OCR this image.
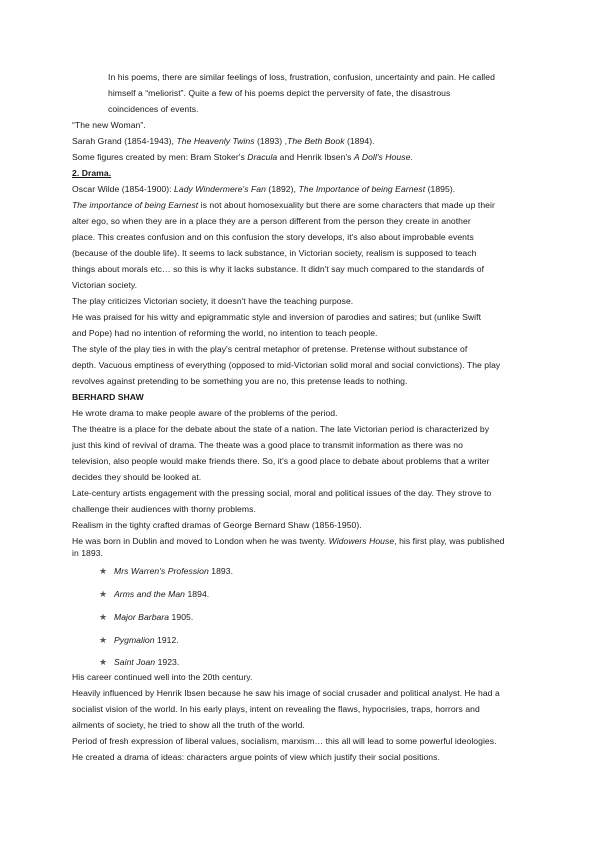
In his poems, there are similar feelings of loss, frustration, confusion, uncertainty and pain. He called
himself a “meliorist”. Quite a few of his poems depict the perversity of fate, the disastrous
coincidences of events.
“The new Woman”.
Sarah Grand (1854-1943), The Heavenly Twins (1893) ,The Beth Book (1894).
Some figures created by men: Bram Stoker's Dracula and Henrik Ibsen's A Doll's House.
2. Drama.
Oscar Wilde (1854-1900): Lady Windermere's Fan (1892), The Importance of being Earnest (1895).
The importance of being Earnest is not about homosexuality but there are some characters that made up their
alter ego, so when they are in a place they are a person different from the person they create in another
place. This creates confusion and on this confusion the story develops, it's also about improbable events
(because of the double life). It seems to lack substance, in Victorian society, realism is supposed to teach
things about morals etc… so this is why it lacks substance. It didn't say much compared to the standards of
Victorian society.
The play criticizes Victorian society, it doesn't have the teaching purpose.
He was praised for his witty and epigrammatic style and inversion of parodies and satires; but (unlike Swift
and Pope) had no intention of reforming the world, no intention to teach people.
The style of the play ties in with the play's central metaphor of pretense. Pretense without substance of
depth. Vacuous emptiness of everything (opposed to mid-Victorian solid moral and social convictions). The play
revolves against pretending to be something you are no, this pretense leads to nothing.
BERHARD SHAW
He wrote drama to make people aware of the problems of the period.
The theatre is a place for the debate about the state of a nation. The late Victorian period is characterized by
just this kind of revival of drama. The theate was a good place to transmit information as there was no
television, also people would make friends there. So, it's a good place to debate about problems that a writer
decides they should be looked at.
Late-century artists engagement with the pressing social, moral and political issues of the day. They strove to
challenge their audiences with thorny problems.
Realism in the tighty crafted dramas of George Bernard Shaw (1856-1950).
He was born in Dublin and moved to London when he was twenty. Widowers House, his first play, was published
in 1893.
★ Mrs Warren's Profession 1893.
★ Arms and the Man 1894.
★ Major Barbara 1905.
★ Pygmalion 1912.
★ Saint Joan 1923.
His career continued well into the 20th century.
Heavily influenced by Henrik Ibsen because he saw his image of social crusader and political analyst. He had a
socialist vision of the world. In his early plays, intent on revealing the flaws, hypocrisies, traps, horrors and
ailments of society, he tried to show all the truth of the world.
Period of fresh expression of liberal values, socialism, marxism… this all will lead to some powerful ideologies.
He created a drama of ideas: characters argue points of view which justify their social positions.
